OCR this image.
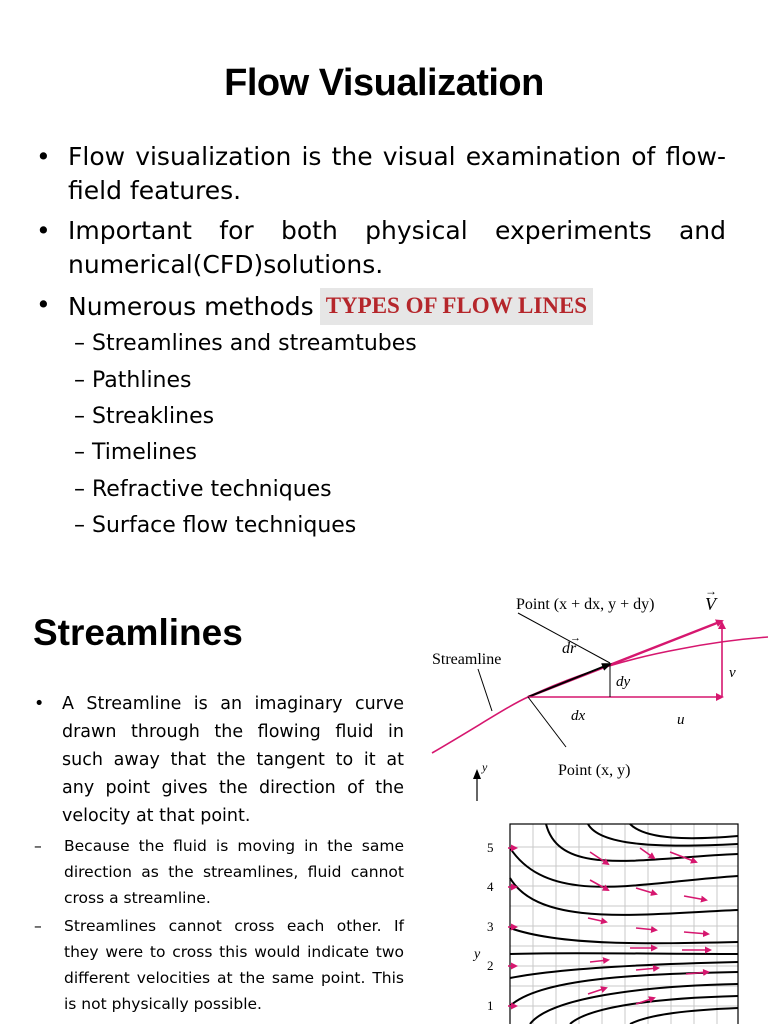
Flow Visualization
• Flow visualization is the visual examination of flow-field features.
• Important for both physical experiments and numerical(CFD)solutions.
• Numerous methods TYPES OF FLOW LINES
– Streamlines and streamtubes
– Pathlines
– Streaklines
– Timelines
– Refractive techniques
– Surface flow techniques
Streamlines
• A Streamline is an imaginary curve drawn through the flowing fluid in such away that the tangent to it at any point gives the direction of the velocity at that point.
– Because the fluid is moving in the same direction as the streamlines, fluid cannot cross a streamline.
– Streamlines cannot cross each other. If they were to cross this would indicate two different velocities at the same point. This is not physically possible.
Point (x + dx, y + dy)	V
→
dr
→
Streamline
dy
v
dx	u
Point (x, y)
y
5
4
3
2
1
y
